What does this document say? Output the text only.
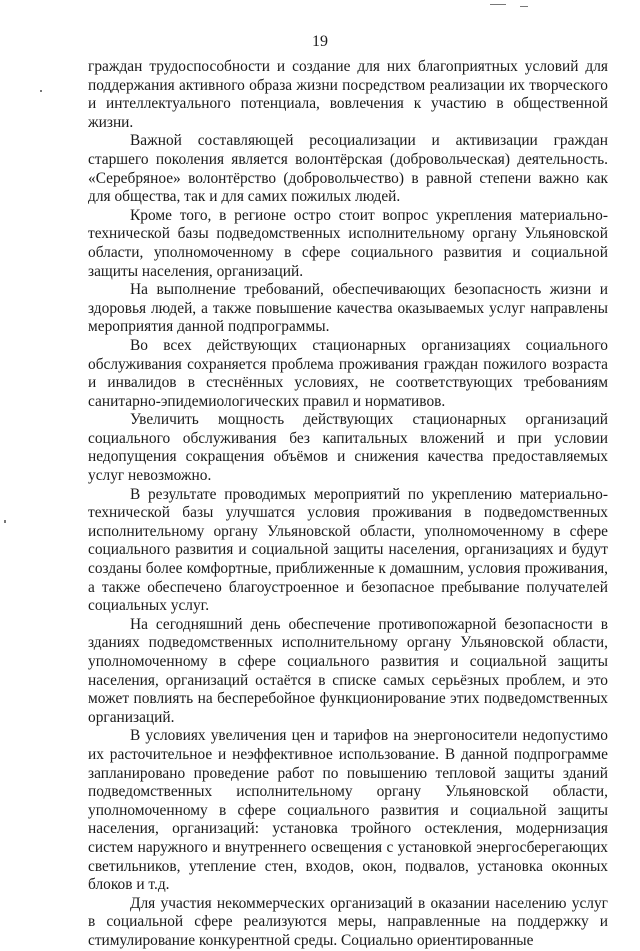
19

граждан трудоспособности и создание для них благоприятных условий для поддержания активного образа жизни посредством реализации их творческого и интеллектуального потенциала, вовлечения к участию в общественной жизни.

Важной составляющей ресоциализации и активизации граждан старшего поколения является волонтёрская (добровольческая) деятельность. «Серебряное» волонтёрство (добровольчество) в равной степени важно как для общества, так и для самих пожилых людей.

Кроме того, в регионе остро стоит вопрос укрепления материально-технической базы подведомственных исполнительному органу Ульяновской области, уполномоченному в сфере социального развития и социальной защиты населения, организаций.

На выполнение требований, обеспечивающих безопасность жизни и здоровья людей, а также повышение качества оказываемых услуг направлены мероприятия данной подпрограммы.

Во всех действующих стационарных организациях социального обслуживания сохраняется проблема проживания граждан пожилого возраста и инвалидов в стеснённых условиях, не соответствующих требованиям санитарно-эпидемиологических правил и нормативов.

Увеличить мощность действующих стационарных организаций социального обслуживания без капитальных вложений и при условии недопущения сокращения объёмов и снижения качества предоставляемых услуг невозможно.

В результате проводимых мероприятий по укреплению материально-технической базы улучшатся условия проживания в подведомственных исполнительному органу Ульяновской области, уполномоченному в сфере социального развития и социальной защиты населения, организациях и будут созданы более комфортные, приближенные к домашним, условия проживания, а также обеспечено благоустроенное и безопасное пребывание получателей социальных услуг.

На сегодняшний день обеспечение противопожарной безопасности в зданиях подведомственных исполнительному органу Ульяновской области, уполномоченному в сфере социального развития и социальной защиты населения, организаций остаётся в списке самых серьёзных проблем, и это может повлиять на бесперебойное функционирование этих подведомственных организаций.

В условиях увеличения цен и тарифов на энергоносители недопустимо их расточительное и неэффективное использование. В данной подпрограмме запланировано проведение работ по повышению тепловой защиты зданий подведомственных исполнительному органу Ульяновской области, уполномоченному в сфере социального развития и социальной защиты населения, организаций: установка тройного остекления, модернизация систем наружного и внутреннего освещения с установкой энергосберегающих светильников, утепление стен, входов, окон, подвалов, установка оконных блоков и т.д.

Для участия некоммерческих организаций в оказании населению услуг в социальной сфере реализуются меры, направленные на поддержку и стимулирование конкурентной среды. Социально ориентированные
